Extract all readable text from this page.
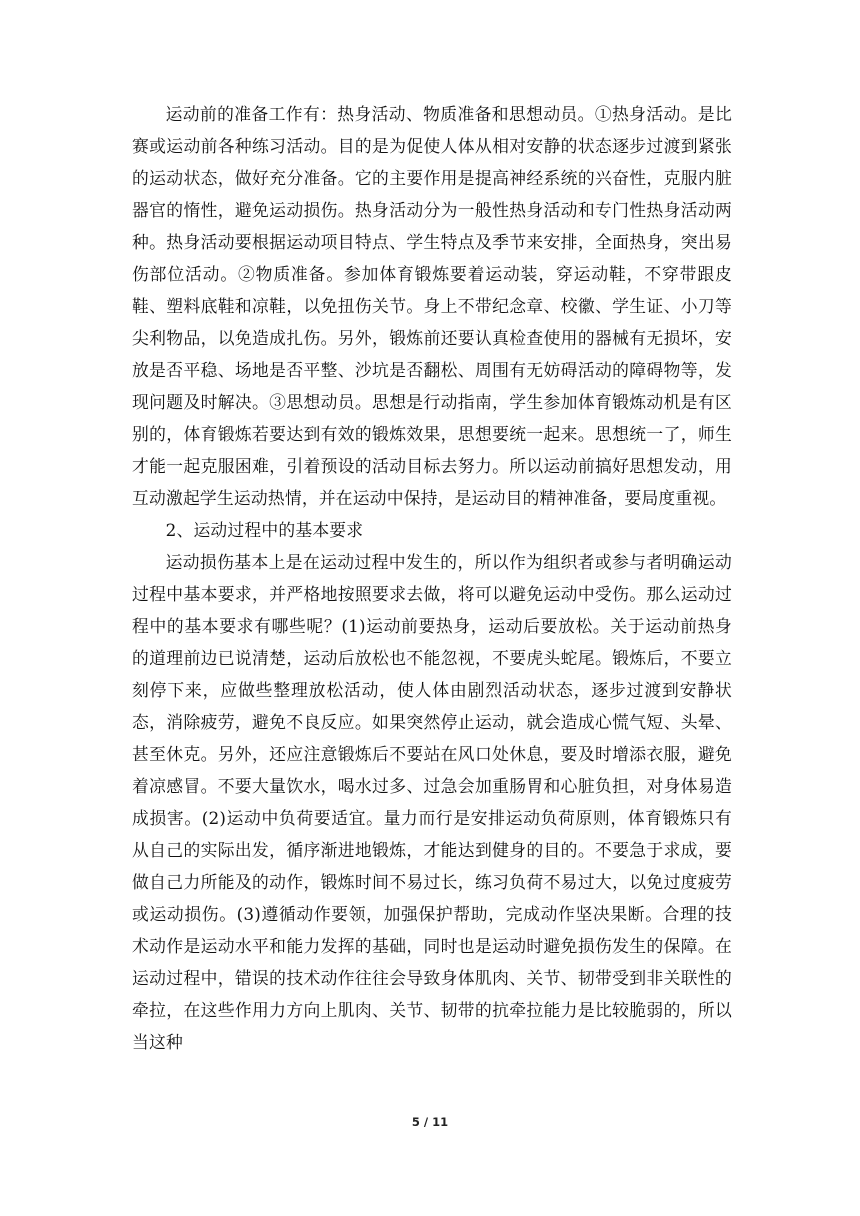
运动前的准备工作有：热身活动、物质准备和思想动员。①热身活动。是比赛或运动前各种练习活动。目的是为促使人体从相对安静的状态逐步过渡到紧张的运动状态，做好充分准备。它的主要作用是提高神经系统的兴奋性，克服内脏器官的惰性，避免运动损伤。热身活动分为一般性热身活动和专门性热身活动两种。热身活动要根据运动项目特点、学生特点及季节来安排，全面热身，突出易伤部位活动。②物质准备。参加体育锻炼要着运动装，穿运动鞋，不穿带跟皮鞋、塑料底鞋和凉鞋，以免扭伤关节。身上不带纪念章、校徽、学生证、小刀等尖利物品，以免造成扎伤。另外，锻炼前还要认真检查使用的器械有无损坏，安放是否平稳、场地是否平整、沙坑是否翻松、周围有无妨碍活动的障碍物等，发现问题及时解决。③思想动员。思想是行动指南，学生参加体育锻炼动机是有区别的，体育锻炼若要达到有效的锻炼效果，思想要统一起来。思想统一了，师生才能一起克服困难，引着预设的活动目标去努力。所以运动前搞好思想发动，用互动激起学生运动热情，并在运动中保持，是运动目的精神准备，要局度重视。

2、运动过程中的基本要求

运动损伤基本上是在运动过程中发生的，所以作为组织者或参与者明确运动过程中基本要求，并严格地按照要求去做，将可以避免运动中受伤。那么运动过程中的基本要求有哪些呢？(1)运动前要热身，运动后要放松。关于运动前热身的道理前边已说清楚，运动后放松也不能忽视，不要虎头蛇尾。锻炼后，不要立刻停下来，应做些整理放松活动，使人体由剧烈活动状态，逐步过渡到安静状态，消除疲劳，避免不良反应。如果突然停止运动，就会造成心慌气短、头晕、甚至休克。另外，还应注意锻炼后不要站在风口处休息，要及时增添衣服，避免着凉感冒。不要大量饮水，喝水过多、过急会加重肠胃和心脏负担，对身体易造成损害。(2)运动中负荷要适宜。量力而行是安排运动负荷原则，体育锻炼只有从自己的实际出发，循序渐进地锻炼，才能达到健身的目的。不要急于求成，要做自己力所能及的动作，锻炼时间不易过长，练习负荷不易过大，以免过度疲劳或运动损伤。(3)遵循动作要领，加强保护帮助，完成动作坚决果断。合理的技术动作是运动水平和能力发挥的基础，同时也是运动时避免损伤发生的保障。在运动过程中，错误的技术动作往往会导致身体肌肉、关节、韧带受到非关联性的牵拉，在这些作用力方向上肌肉、关节、韧带的抗牵拉能力是比较脆弱的，所以当这种

5 / 11
